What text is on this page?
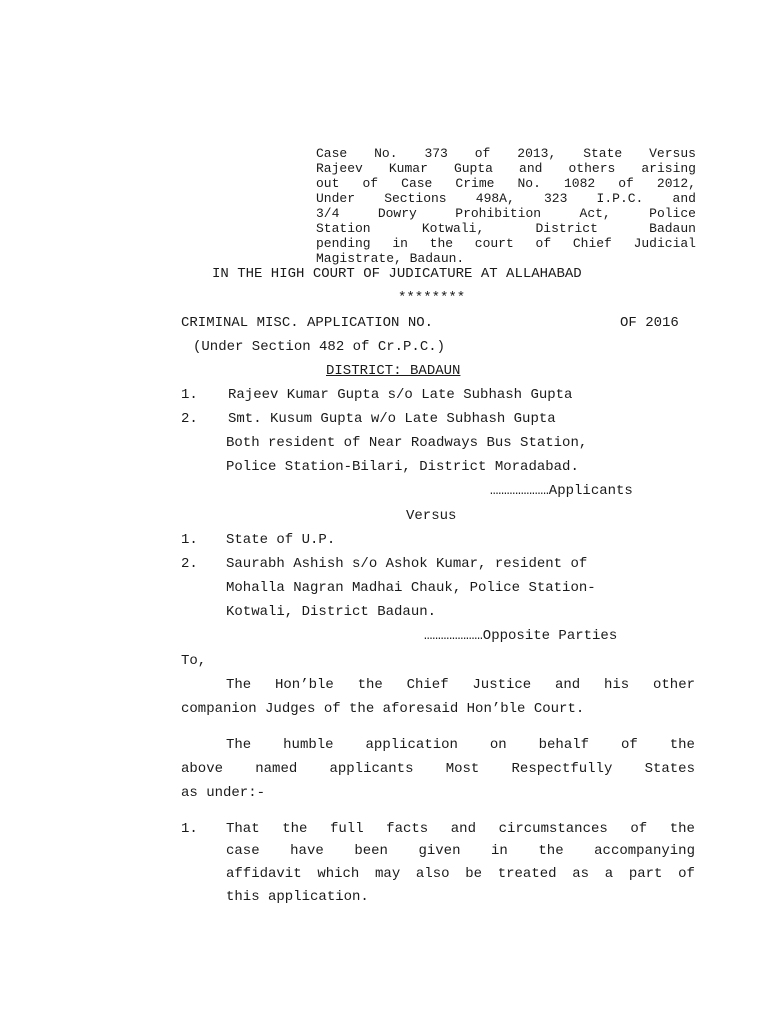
Case No. 373 of 2013, State Versus
Rajeev Kumar Gupta and others arising
out of Case Crime No. 1082 of 2012,
Under Sections 498A, 323 I.P.C. and
3/4	Dowry	Prohibition	Act,	Police
Station	Kotwali,	District	Badaun
pending in the court of Chief Judicial
Magistrate, Badaun.
IN THE HIGH COURT OF JUDICATURE AT ALLAHABAD
********
CRIMINAL MISC. APPLICATION NO.	OF 2016
(Under Section 482 of Cr.P.C.)
DISTRICT: BADAUN
1. Rajeev Kumar Gupta s/o Late Subhash Gupta
2. Smt. Kusum Gupta w/o Late Subhash Gupta
Both resident of Near Roadways Bus Station,
Police Station-Bilari, District Moradabad.
…………………Applicants
Versus
1. State of U.P.
2. Saurabh Ashish s/o Ashok Kumar, resident of
Mohalla Nagran Madhai Chauk, Police Station-
Kotwali, District Badaun.
…………………Opposite Parties
To,
The Hon’ble the Chief Justice and his other
companion Judges of the aforesaid Hon’ble Court.
The humble application on behalf of the
above named applicants Most Respectfully States
as under:-
1. That the full facts and circumstances of the
case have been given in the accompanying
affidavit which may also be treated as a part of
this application.
